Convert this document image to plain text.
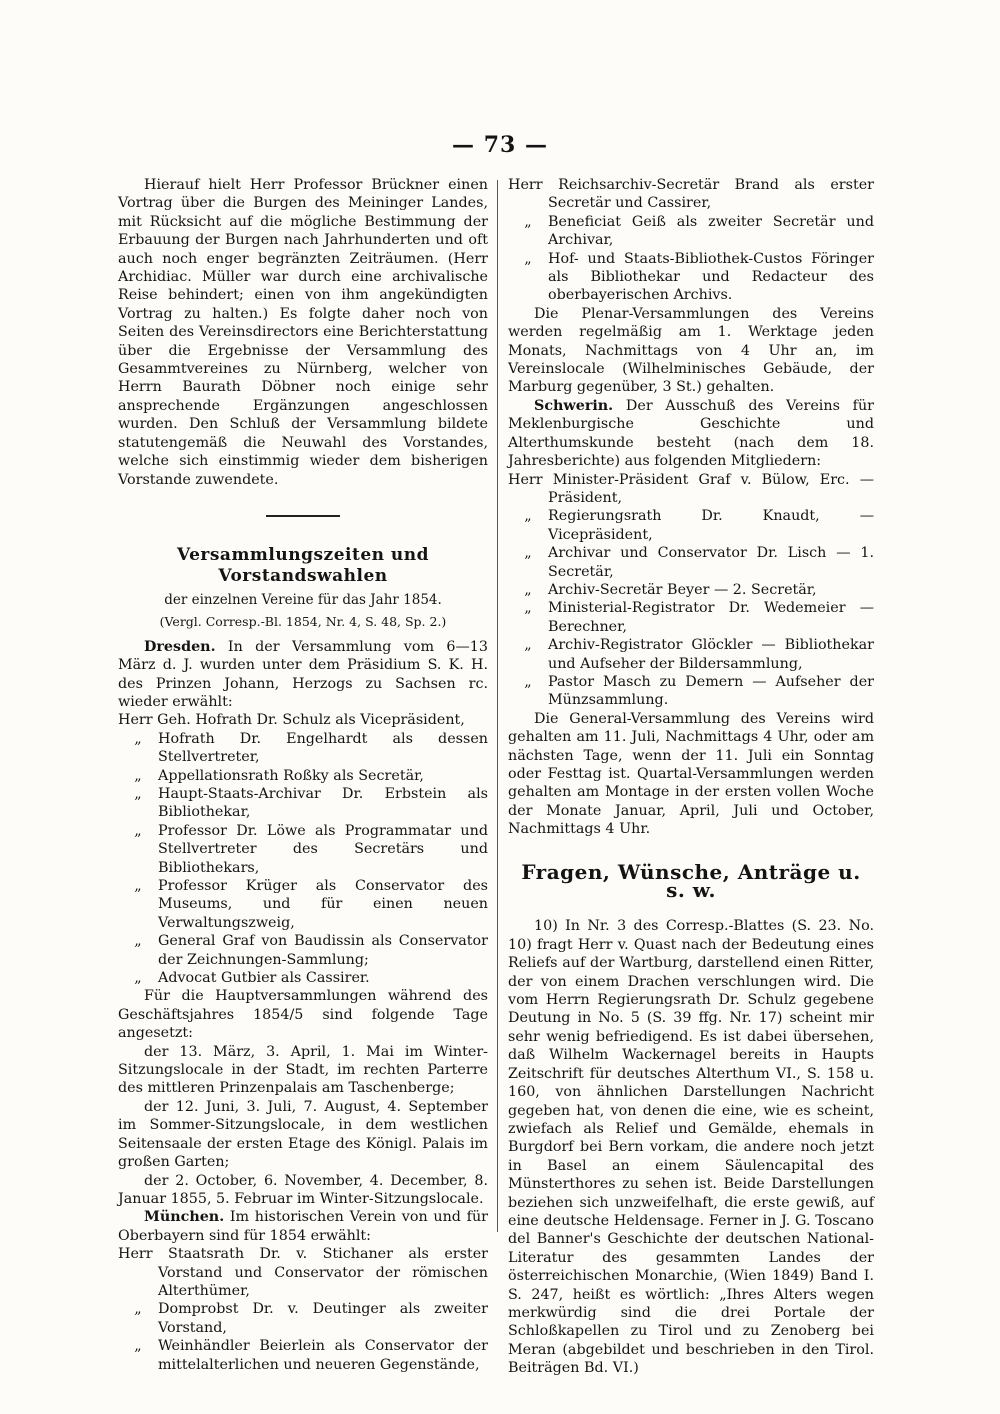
— 73 —

Hierauf hielt Herr Professor Brückner einen Vortrag über die Burgen des Meininger Landes, mit Rücksicht auf die mögliche Bestimmung der Erbauung der Burgen nach Jahrhunderten und oft auch noch enger begränzten Zeiträumen. (Herr Archidiac. Müller war durch eine archivalische Reise behindert; einen von ihm angekündigten Vortrag zu halten.) Es folgte daher noch von Seiten des Vereinsdirectors eine Berichterstattung über die Ergebnisse der Versammlung des Gesammtvereines zu Nürnberg, welcher von Herrn Baurath Döbner noch einige sehr ansprechende Ergänzungen angeschlossen wurden. Den Schluß der Versammlung bildete statutengemäß die Neuwahl des Vorstandes, welche sich einstimmig wieder dem bisherigen Vorstande zuwendete.

Versammlungszeiten und Vorstandswahlen
der einzelnen Vereine für das Jahr 1854.
(Vergl. Corresp.-Bl. 1854, Nr. 4, S. 48, Sp. 2.)

Dresden. In der Versammlung vom 6—13 März d. J. wurden unter dem Präsidium S. K. H. des Prinzen Johann, Herzogs zu Sachsen rc. wieder erwählt:

Herr Geh. Hofrath Dr. Schulz als Vicepräsident,

„ Hofrath Dr. Engelhardt als dessen Stellvertreter,
„ Appellationsrath Roßky als Secretär,
„ Haupt-Staats-Archivar Dr. Erbstein als Bibliothekar,
„ Professor Dr. Löwe als Programmatar und Stellvertreter des Secretärs und Bibliothekars,
„ Professor Krüger als Conservator des Museums, und für einen neuen Verwaltungszweig,
„ General Graf von Baudissin als Conservator der Zeichnungen-Sammlung;
„ Advocat Gutbier als Cassirer.

Für die Hauptversammlungen während des Geschäftsjahres 1854/5 sind folgende Tage angesetzt:

der 13. März, 3. April, 1. Mai im Winter-Sitzungslocale in der Stadt, im rechten Parterre des mittleren Prinzenpalais am Taschenberge;

der 12. Juni, 3. Juli, 7. August, 4. September im Sommer-Sitzungslocale, in dem westlichen Seitensaale der ersten Etage des Königl. Palais im großen Garten;

der 2. October, 6. November, 4. December, 8. Januar 1855, 5. Februar im Winter-Sitzungslocale.

München. Im historischen Verein von und für Oberbayern sind für 1854 erwählt:

Herr Staatsrath Dr. v. Stichaner als erster Vorstand und Conservator der römischen Alterthümer,

„ Domprobst Dr. v. Deutinger als zweiter Vorstand,
„ Weinhändler Beierlein als Conservator der mittelalterlichen und neueren Gegenstände,

Herr Reichsarchiv-Secretär Brand als erster Secretär und Cassirer,

„ Beneficiat Geiß als zweiter Secretär und Archivar,
„ Hof- und Staats-Bibliothek-Custos Föringer als Bibliothekar und Redacteur des oberbayerischen Archivs.

Die Plenar-Versammlungen des Vereins werden regelmäßig am 1. Werktage jeden Monats, Nachmittags von 4 Uhr an, im Vereinslocale (Wilhelminisches Gebäude, der Marburg gegenüber, 3 St.) gehalten.

Schwerin. Der Ausschuß des Vereins für Meklenburgische Geschichte und Alterthumskunde besteht (nach dem 18. Jahresberichte) aus folgenden Mitgliedern:

Herr Minister-Präsident Graf v. Bülow, Erc. — Präsident,

„ Regierungsrath Dr. Knaudt, — Vicepräsident,
„ Archivar und Conservator Dr. Lisch — 1. Secretär,
„ Archiv-Secretär Beyer — 2. Secretär,
„ Ministerial-Registrator Dr. Wedemeier — Berechner,
„ Archiv-Registrator Glöckler — Bibliothekar und Aufseher der Bildersammlung,
„ Pastor Masch zu Demern — Aufseher der Münzsammlung.

Die General-Versammlung des Vereins wird gehalten am 11. Juli, Nachmittags 4 Uhr, oder am nächsten Tage, wenn der 11. Juli ein Sonntag oder Festtag ist. Quartal-Versammlungen werden gehalten am Montage in der ersten vollen Woche der Monate Januar, April, Juli und October, Nachmittags 4 Uhr.

Fragen, Wünsche, Anträge u. s. w.

10) In Nr. 3 des Corresp.-Blattes (S. 23. No. 10) fragt Herr v. Quast nach der Bedeutung eines Reliefs auf der Wartburg, darstellend einen Ritter, der von einem Drachen verschlungen wird. Die vom Herrn Regierungsrath Dr. Schulz gegebene Deutung in No. 5 (S. 39 ffg. Nr. 17) scheint mir sehr wenig befriedigend. Es ist dabei übersehen, daß Wilhelm Wackernagel bereits in Haupts Zeitschrift für deutsches Alterthum VI., S. 158 u. 160, von ähnlichen Darstellungen Nachricht gegeben hat, von denen die eine, wie es scheint, zwiefach als Relief und Gemälde, ehemals in Burgdorf bei Bern vorkam, die andere noch jetzt in Basel an einem Säulencapital des Münsterthores zu sehen ist. Beide Darstellungen beziehen sich unzweifelhaft, die erste gewiß, auf eine deutsche Heldensage. Ferner in J. G. Toscano del Banner's Geschichte der deutschen National-Literatur des gesammten Landes der österreichischen Monarchie, (Wien 1849) Band I. S. 247, heißt es wörtlich: „Ihres Alters wegen merkwürdig sind die drei Portale der Schloßkapellen zu Tirol und zu Zenoberg bei Meran (abgebildet und beschrieben in den Tirol. Beiträgen Bd. VI.)
